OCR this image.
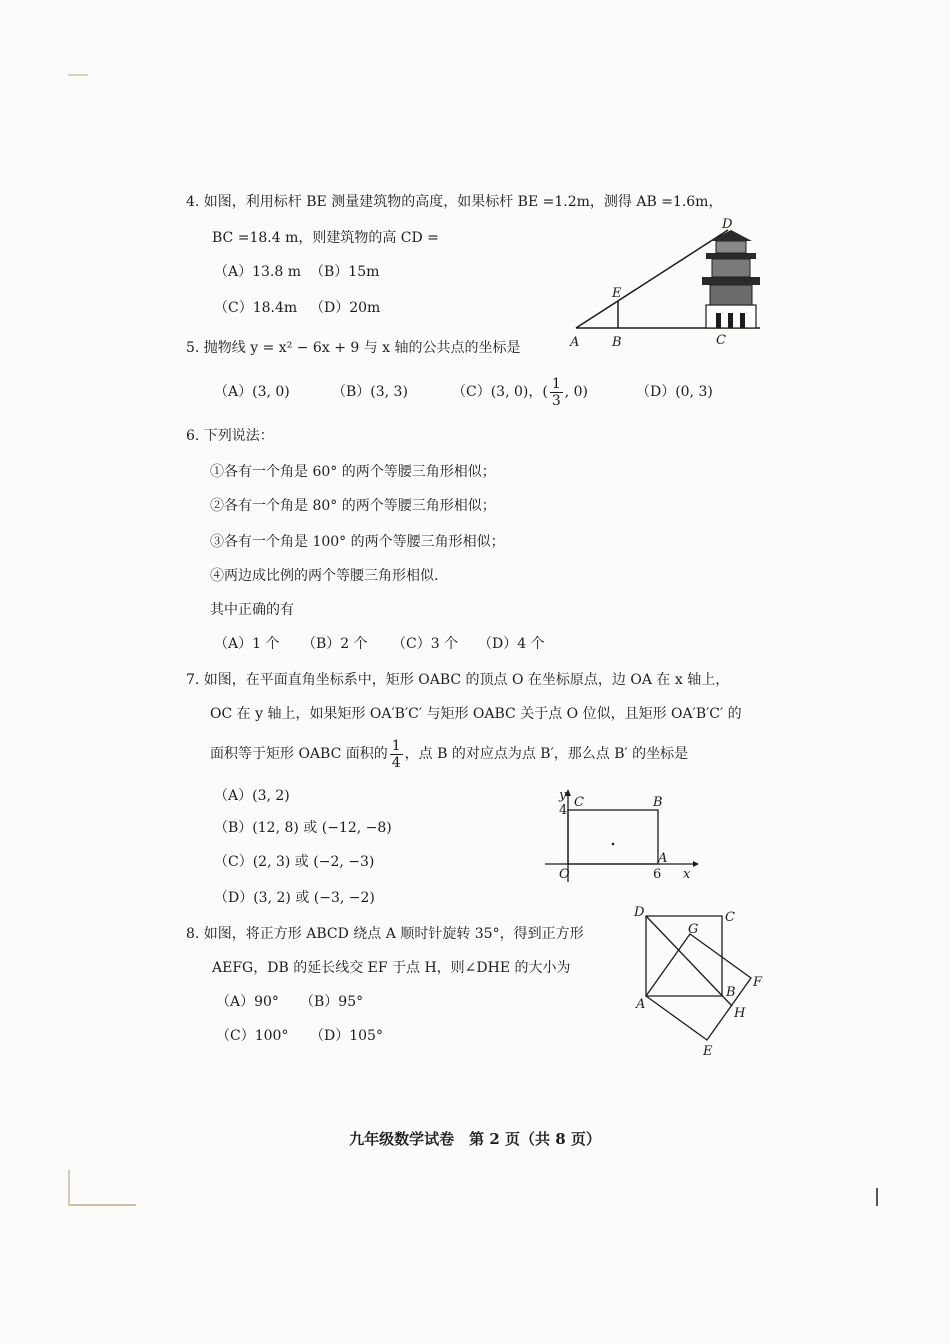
4. 如图，利用标杆 BE 测量建筑物的高度，如果标杆 BE =1.2m，测得 AB =1.6m，
BC =18.4 m，则建筑物的高 CD =
（A）13.8 m （B）15m
（C）18.4m （D）20m
A	B	C
D
E
5. 抛物线 y = x² − 6x + 9 与 x 轴的公共点的坐标是
（A）(3, 0)	（B）(3, 3)	（C）(3, 0)，( $\frac{1}{3}$ , 0)	（D）(0, 3)
6. 下列说法：
①各有一个角是 60° 的两个等腰三角形相似；
②各有一个角是 80° 的两个等腰三角形相似；
③各有一个角是 100° 的两个等腰三角形相似；
④两边成比例的两个等腰三角形相似.
其中正确的有
（A）1 个 （B）2 个 （C）3 个 （D）4 个
7. 如图，在平面直角坐标系中，矩形 OABC 的顶点 O 在坐标原点，边 OA 在 x 轴上，
OC 在 y 轴上，如果矩形 OA′B′C′ 与矩形 OABC 关于点 O 位似，且矩形 OA′B′C′ 的
面积等于矩形 OABC 面积的 $\frac{1}{4}$ ，点 B 的对应点为点 B′，那么点 B′ 的坐标是
（A）(3, 2)
（B）(12, 8) 或 (−12, −8)
（C）(2, 3) 或 (−2, −3)
（D）(3, 2) 或 (−3, −2)
y
x
O
A
B
C
4
6
8. 如图，将正方形 ABCD 绕点 A 顺时针旋转 35°，得到正方形
AEFG，DB 的延长线交 EF 于点 H，则∠DHE 的大小为
（A）90° （B）95°
（C）100° （D）105°
D	C
B
A
G
F
H
E
九年级数学试卷　第 2 页（共 8 页）
